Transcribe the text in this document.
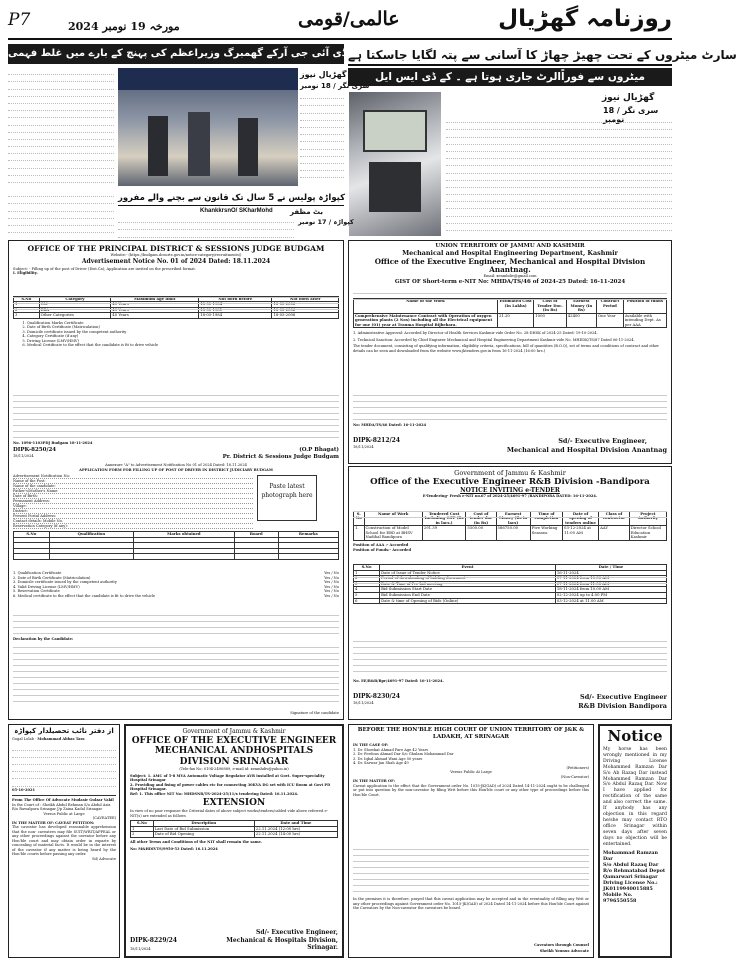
P7	مورخہ 19 نومبر 2024	عالمی/قومی	روزنامہ گھڑیال
سارٹ میٹروں کے تحت چھیڑ چھاڑ کا آسانی سے پتہ لگایا جاسکتا ہے
میٹروں سے فوراًالرٹ جاری ہوتا ہے ۔ کے ڈی ایس ایل
گھڑیال نیوز
سری نگر / 18 نومبر
ڈی آئی جی آرکے گھمبرگ وزیراعظم کی پہنچ کے بارے میں غلط فہمی
گھڑیال نیوز
سری نگر / 18 نومبر
کپواڑہ پولیس نے 5 سال تک قانون سے بچنے والے مفرور
بٹ مظفر
KhankkrsnO/ SKharMohd
کپواڑہ / 17 نومبر
OFFICE OF THE PRINCIPAL DISTRICT & SESSIONS JUDGE BUDGAM
Website:- (https://budgam.dcourts.gov.in/notice-category/recruitments/)
Advertisement Notice No. 01 of 2024 Dated: 18.11.2024
Subject: - Filling up of the post of Driver (Dist.Ca); Application are invited on the prescribed format.
I. Eligibility.
S.No	Category	Maximum age limit	Not born before	Not born after
1	OM	40 Years	18-05-1984	18-05-2006
2	RBA	43 Years	18-05-1981	18-05-2006
3	Other Categories	40 Years	18-05-1984	18-05-2006
1. Qualification Marks Certificate
2. Date of Birth Certificate (Matriculation)
3. Domicile certificate issued by the competent authority
4. Category Certificate (if any)
5. Driving License (LMV/HMV)
6. Medical Certificate to the effect that the candidate is fit to drive vehicle
No. 1096-1103PDJ Budgam 18-11-2024
DIPK-8250/24
18/11/2024
(O.P Bhagat)
Pr. District & Sessions Judge Budgam
Annexure "A" to Advertisement Notification No 01 of 2024 Dated: 18.11.2024
APPLICATION FORM FOR FILLING UP OF POST OF DRIVER IN DISTRICT JUDICIARY BUDGAM
Advertisement Notification No:
Name of the Post:
Name of the candidate:
Father's/Mother's Name:
Date of Birth:
Permanent Address:
Village:
District:
Present Postal Address:
Contact details: Mobile No.
Reservation Category (if any):
Paste latest photograph here
S.No	Qualification	Marks obtained	Board	Remarks

1. Qualification Certificate	Yes / No
2. Date of Birth Certificate (Matriculation)	Yes / No
3. Domicile certificate issued by the competent authority	Yes / No
4. Valid Driving License (LMV/HMV)	Yes / No
5. Reservation Certificate	Yes / No
6. Medical certificate to the effect that the candidate is fit to drive the vehicle	Yes / No
Declaration by the Candidate:
Signature of the candidate
UNION TERRITORY OF JAMMU AND KASHMIR
Mechanical and Hospital Engineering Department, Kashmir
Office of the Executive Engineer, Mechanical and Hospital Division Anantnag.
Email: xenmhdiv@gmail.com
GIST OF Short-term e-NIT No: MHDA/TS/46 of 2024-25 Dated: 16-11-2024
Name of the Work	Estimated Cost (In Lakhs)	Cost of Tender Doc. (In Rs)	Earnest Money (In Rs)	Contract Period	Position of funds
Comprehensive Maintenance Contract with Operation of oxygen generation plants (2 Nos) including all the Electrical equipment for one (01) year at Trauma Hospital Bijbehara.	21.20	1000	42400	One Year	Available with intending Dept. As per AAA
1. Administrative Approval: Accorded by Director of Health Services Kashmir vide Order No. 28-DHSK of 2024-25 Dated: 19-10-2024.
2. Technical Sanction: Accorded by Chief Engineer Mechanical and Hospital Engineering Department Kashmir vide No. MHEDK/TS/87 Dated 06-11-2024.
The tender document, consisting of qualifying information, eligibility criteria, specifications, bill of quantities (B.O.Q), set of terms and conditions of contract and other details can be seen and downloaded from the website www.jktenders.gov.in from 16-11-2024 (16:00 hrs.)
No: MHDA/TS/46 Dated: 16-11-2024
DIPK-8212/24
18/11/2024
Sd/- Executive Engineer,
Mechanical and Hospital Division Anantnag
Government of Jammu & Kashmir
Office of the Executive Engineer R&B Division -Bandipora
NOTICE INVITING e-TENDER
E-Tendering- Fresh e-NIT no.67 of 2024-25/4691-97 /BANDIPORA DATED: 16-11-2024.
S. No	Name of Work	Tendered Cost Including GST (Rs in lacs.)	Cost of tender doc (in Rs)	Earnest Money (Rs in lacs)	Time of completion	Date of opening of tenders online	Class of contractor	Project Authority
1.	Construction of Model School for EBD at BHSV Nadihal Bandipora	291.39	5500.00	586750.00	Five Working Seasons	03-12-2024 at 11:00 AM	AAY	Director School Education Kashmir
Position of AAA :- Accorded
Position of Funds:- Accorded
S.No	Event	Date / Time
1	Date of Issue of Tender Notice	16-11-2024
2	Period of downloading of bidding document	17-11-2024 from 10.00 AM
3	Date & Time of Pre-bid meeting	27-11-2024 from 11.00 AM
4	Bid Submission Start Date	18-11-2024 from 10.00 AM
5	Bid Submission End Date	02-12-2024 up to 4.00 PM
6	Date & time of Opening of Bids (Online)	03-12-2024 at 11.00 AM
No. EE/R&B/Bpr/4691-97 Dated: 16-11-2024.
DIPK-8230/24
18/11/2024
Sd/- Executive Engineer
R&B Division Bandipora
از دفتر نائب تحصیلدار کپواڑہ
Gogal Lolab · Mohammad Abbas Tass
05-10-2021
From The Office Of Advocate Mudasir Gulzar Vakil
In the Court of : Sheikh Abdul Rehman S/o Abdul Aziz R/o Rawalpora Srinagar J/p Zaina Kadal Srinagar
Versus Public at Large
(CAVEATEE)
IN THE MATTER OF: CAVEAT PETITION:
The caveator has developed reasonable apprehension that the non- caveatees may file SUIT/WRIT/APPEAL or any other proceedings against the caveator before any Hon'ble court and may obtain order in exparte by concealing of material facts. It would be in the interest of the caveator if any matter is being heard by the Hon'ble courts before passing any order.
Sd/ Advocate
Government of Jammu & Kashmir
OFFICE OF THE EXECUTIVE ENGINEER MECHANICAL ANDHOSPITALS DIVISION SRINAGAR
(Tele-fax No: 0194-2490889, e-mail id: xenmhdiv@yahoo.in)
Subject: 1. AMC of 5-8 MVA Automatic Voltage Regulator AVR installed at Govt. Super-speciality Hospital Srinagar
2. Providing and fixing of power cables etc for connecting 30KVA DG set with ICU Room at Govt PD Hospital Srinagar.
Ref: 1. This office NIT No: MHDSNR/TS-2024-25/11/x tendering Dated: 16.11.2024.
EXTENSION
In view of no poor response the Criterial dates of above subject works/tenders/cabled vide above referred e-NIT(s) are extended as follows
S.No	Description	Date and Time
1	Last Date of Bid Submission	22.11.2024 (12:00 hrs)
2	Date of Bid Opening	22.11.2024 (14:00 hrs)
All other Terms and Conditions of the NIT shall remain the same.
No: M&HDIVTS/9950-53 Dated: 16.11.2024
DIPK-8229/24
18/11/2024
Sd/- Executive Engineer,
Mechanical & Hospitals Division, Srinagar.
BEFORE THE HON'BLE HIGH COURT OF UNION TERRITORY OF J&K & LADAKH, AT SRINAGAR
IN THE CASE OF:
1. Dr. Showkat Ahmad Pare Age 42 Years
2. Dr. Ferdous Ahmad Dar S/o Ghulam Mohammad Dar
3. Dr. Iqbal Ahmad Wani Age 50 years
4. Dr. Sarwar Jan Shah Age 49
(Petitioners)
Versus Public At Large
(Non-Caveator)
IN THE MATTER OF:
Caveat application to the effect that the Government order No. 1015-JK(GAD) of 2024 Dated 14-11-2024 ought to be challenged or put into question by the non-caveator by filing Writ before this Hon'ble court or any other type of proceedings before this Hon'ble Court.
In the premises it is therefore, prayed that this caveat application may be accepted and in the eventuality of filling any Writ or any other proceedings against Government order No. 1015-JK(GAD) of 2024 Dated 14-11-2024 before this Hon'ble Court against the Caveators by the Non-caveator the caveators be heard.
Caveators through Counsel
Sheikh Younus Advocate
Notice
My horse has been wrongly mentioned in my Driving License Mohammed Ramzan Dar S/o Ab Razaq Dar instead Mohammed Ramzan Dar S/o Abdul Razaq Dar. Now I have applied for rectification of the same and also correct the same. If anybody has any objection in this regard he/she may contact RTO office Srinagar within seven days after seven days no objection will be entertained.
Mohammad Ramzan Dar
S/o Abdul Razaq Dar
R/o Rehmatabad Depot Qamarwari Srinagar
Driving License No.: JK0119940015885
Mobile No. 9796550558
